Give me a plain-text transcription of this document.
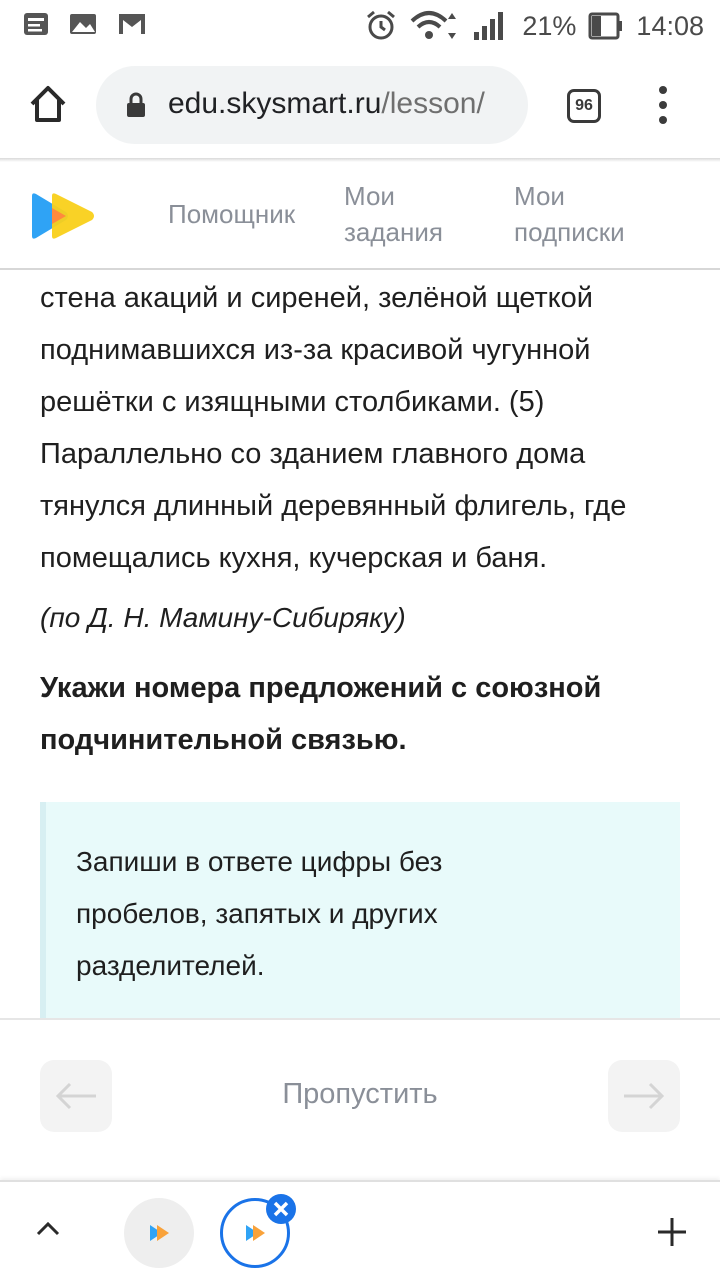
21% 14:08
edu.skysmart.ru/lesson/	96
Помощник
Мои
задания
Мои
подписки

стена акаций и сиреней, зелёной щеткой поднимавшихся из-за красивой чугунной решётки с изящными столбиками. (5) Параллельно со зданием главного дома тянулся длинный деревянный флигель, где помещались кухня, кучерская и баня.

(по Д. Н. Мамину-Сибиряку)

Укажи номера предложений с союзной подчинительной связью.

Запиши в ответе цифры без пробелов, запятых и других разделителей.

Пропустить
